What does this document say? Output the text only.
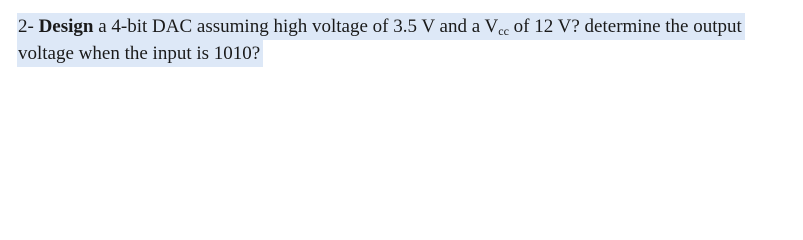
2- Design a 4-bit DAC assuming high voltage of 3.5 V and a $V_{cc}$ of 12 V? determine the output
voltage when the input is 1010?
